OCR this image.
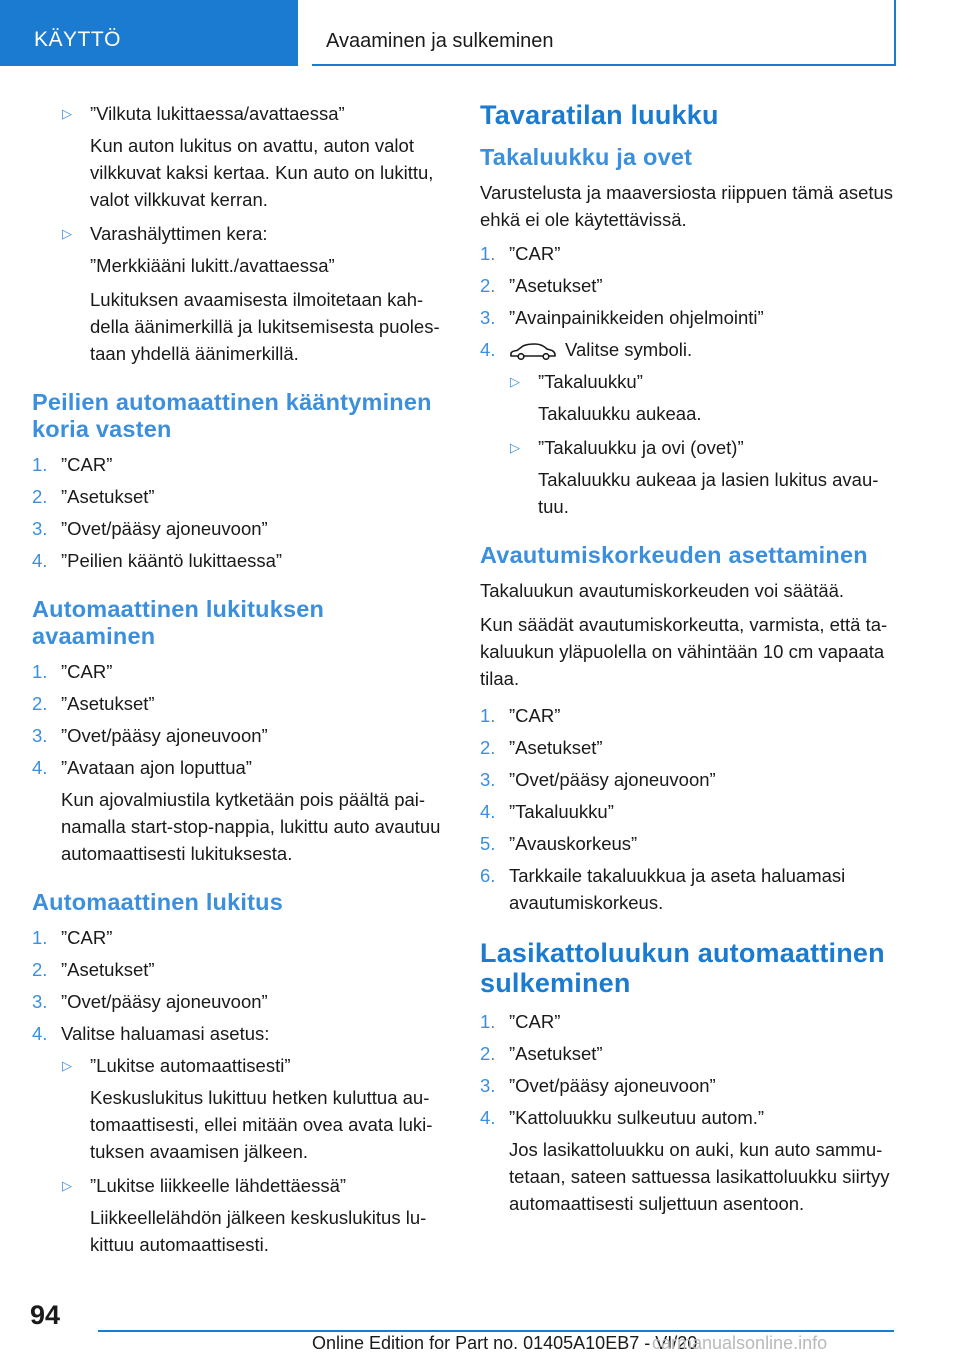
KÄYTTÖ	Avaaminen ja sulkeminen
▷ ”Vilkuta lukittaessa/avattaessa”

Kun auton lukitus on avattu, auton valot vilkkuvat kaksi kertaa. Kun auto on lukittu, valot vilkkuvat kerran.

▷ Varashälyttimen kera:

”Merkkiääni lukitt./avattaessa”

Lukituksen avaamisesta ilmoitetaan kahdella äänimerkillä ja lukitsemisesta puolestaan yhdellä äänimerkillä.

Peilien automaattinen kääntyminen koria vasten
1. ”CAR”
2. ”Asetukset”
3. ”Ovet/pääsy ajoneuvoon”
4. ”Peilien kääntö lukittaessa”
Automaattinen lukituksen avaaminen
1. ”CAR”
2. ”Asetukset”
3. ”Ovet/pääsy ajoneuvoon”
4. ”Avataan ajon loputtua”

Kun ajovalmiustila kytketään pois päältä painamalla start-stop-nappia, lukittu auto avautuu automaattisesti lukituksesta.

Automaattinen lukitus
1. ”CAR”
2. ”Asetukset”
3. ”Ovet/pääsy ajoneuvoon”
4. Valitse haluamasi asetus:
▷ ”Lukitse automaattisesti”

Keskuslukitus lukittuu hetken kuluttua automaattisesti, ellei mitään ovea avata lukituksen avaamisen jälkeen.

▷ ”Lukitse liikkeelle lähdettäessä”

Liikkeellelähdön jälkeen keskuslukitus lukittuu automaattisesti.

Tavaratilan luukku
Takaluukku ja ovet

Varustelusta ja maaversiosta riippuen tämä asetus ehkä ei ole käytettävissä.

1. ”CAR”
2. ”Asetukset”
3. ”Avainpainikkeiden ohjelmointi”
4.	Valitse symboli.
▷ ”Takaluukku”

Takaluukku aukeaa.

▷ ”Takaluukku ja ovi (ovet)”

Takaluukku aukeaa ja lasien lukitus avautuu.

Avautumiskorkeuden asettaminen

Takaluukun avautumiskorkeuden voi säätää.

Kun säädät avautumiskorkeutta, varmista, että takaluukun yläpuolella on vähintään 10 cm vapaata tilaa.

1. ”CAR”
2. ”Asetukset”
3. ”Ovet/pääsy ajoneuvoon”
4. ”Takaluukku”
5. ”Avauskorkeus”
6. Tarkkaile takaluukkua ja aseta haluamasi avautumiskorkeus.
Lasikattoluukun automaattinen sulkeminen
1. ”CAR”
2. ”Asetukset”
3. ”Ovet/pääsy ajoneuvoon”
4. ”Kattoluukku sulkeutuu autom.”

Jos lasikattoluukku on auki, kun auto sammutetaan, sateen sattuessa lasikattoluukku siirtyy automaattisesti suljettuun asentoon.

94
Online Edition for Part no. 01405A10EB7 - VI/20
carmanualsonline.info
